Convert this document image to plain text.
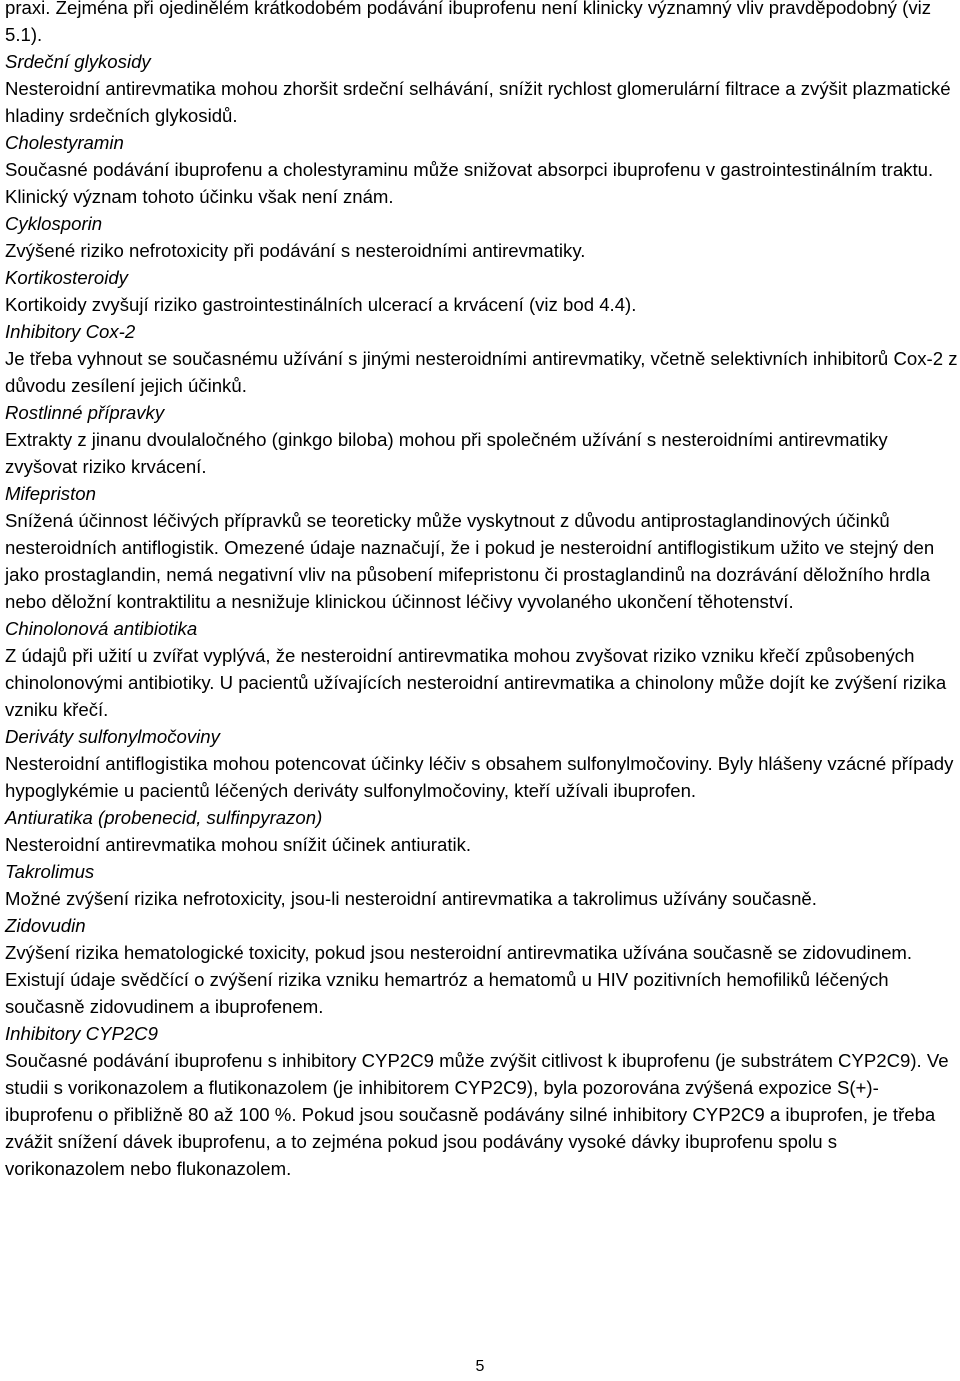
praxi. Zejména při ojedinělém krátkodobém podávání ibuprofenu není klinicky významný vliv pravděpodobný (viz 5.1).

Srdeční glykosidy

Nesteroidní antirevmatika mohou zhoršit srdeční selhávání, snížit rychlost glomerulární filtrace a zvýšit plazmatické hladiny srdečních glykosidů.

Cholestyramin

Současné podávání ibuprofenu a cholestyraminu může snižovat absorpci ibuprofenu v gastrointestinálním traktu. Klinický význam tohoto účinku však není znám.

Cyklosporin

Zvýšené riziko nefrotoxicity při podávání s nesteroidními antirevmatiky.

Kortikosteroidy

Kortikoidy zvyšují riziko gastrointestinálních ulcerací a krvácení (viz bod 4.4).

Inhibitory Cox-2

Je třeba vyhnout se současnému užívání s jinými nesteroidními antirevmatiky, včetně selektivních inhibitorů Cox-2 z důvodu zesílení jejich účinků.

Rostlinné přípravky

Extrakty z jinanu dvoulaločného (ginkgo biloba) mohou při společném užívání s nesteroidními antirevmatiky zvyšovat riziko krvácení.

Mifepriston

Snížená účinnost léčivých přípravků se teoreticky může vyskytnout z důvodu antiprostaglandinových účinků nesteroidních antiflogistik. Omezené údaje naznačují, že i pokud je nesteroidní antiflogistikum užito ve stejný den jako prostaglandin, nemá negativní vliv na působení mifepristonu či prostaglandinů na dozrávání děložního hrdla nebo děložní kontraktilitu a nesnižuje klinickou účinnost léčivy vyvolaného ukončení těhotenství.

Chinolonová antibiotika

Z údajů při užití u zvířat vyplývá, že nesteroidní antirevmatika mohou zvyšovat riziko vzniku křečí způsobených chinolonovými antibiotiky. U pacientů užívajících nesteroidní antirevmatika a chinolony může dojít ke zvýšení rizika vzniku křečí.

Deriváty sulfonylmočoviny

Nesteroidní antiflogistika mohou potencovat účinky léčiv s obsahem sulfonylmočoviny. Byly hlášeny vzácné případy hypoglykémie u pacientů léčených deriváty sulfonylmočoviny, kteří užívali ibuprofen.

Antiuratika (probenecid, sulfinpyrazon)

Nesteroidní antirevmatika mohou snížit účinek antiuratik.

Takrolimus

Možné zvýšení rizika nefrotoxicity, jsou-li nesteroidní antirevmatika a takrolimus užívány současně.

Zidovudin

Zvýšení rizika hematologické toxicity, pokud jsou nesteroidní antirevmatika užívána současně se zidovudinem. Existují údaje svědčící o zvýšení rizika vzniku hemartróz a hematomů u HIV pozitivních hemofiliků léčených současně zidovudinem a ibuprofenem.

Inhibitory CYP2C9

Současné podávání ibuprofenu s inhibitory CYP2C9 může zvýšit citlivost k ibuprofenu (je substrátem CYP2C9). Ve studii s vorikonazolem a flutikonazolem (je inhibitorem CYP2C9), byla pozorována zvýšená expozice S(+)-ibuprofenu o přibližně 80 až 100 %. Pokud jsou současně podávány silné inhibitory CYP2C9 a ibuprofen, je třeba zvážit snížení dávek ibuprofenu, a to zejména pokud jsou podávány vysoké dávky ibuprofenu spolu s vorikonazolem nebo flukonazolem.

5
